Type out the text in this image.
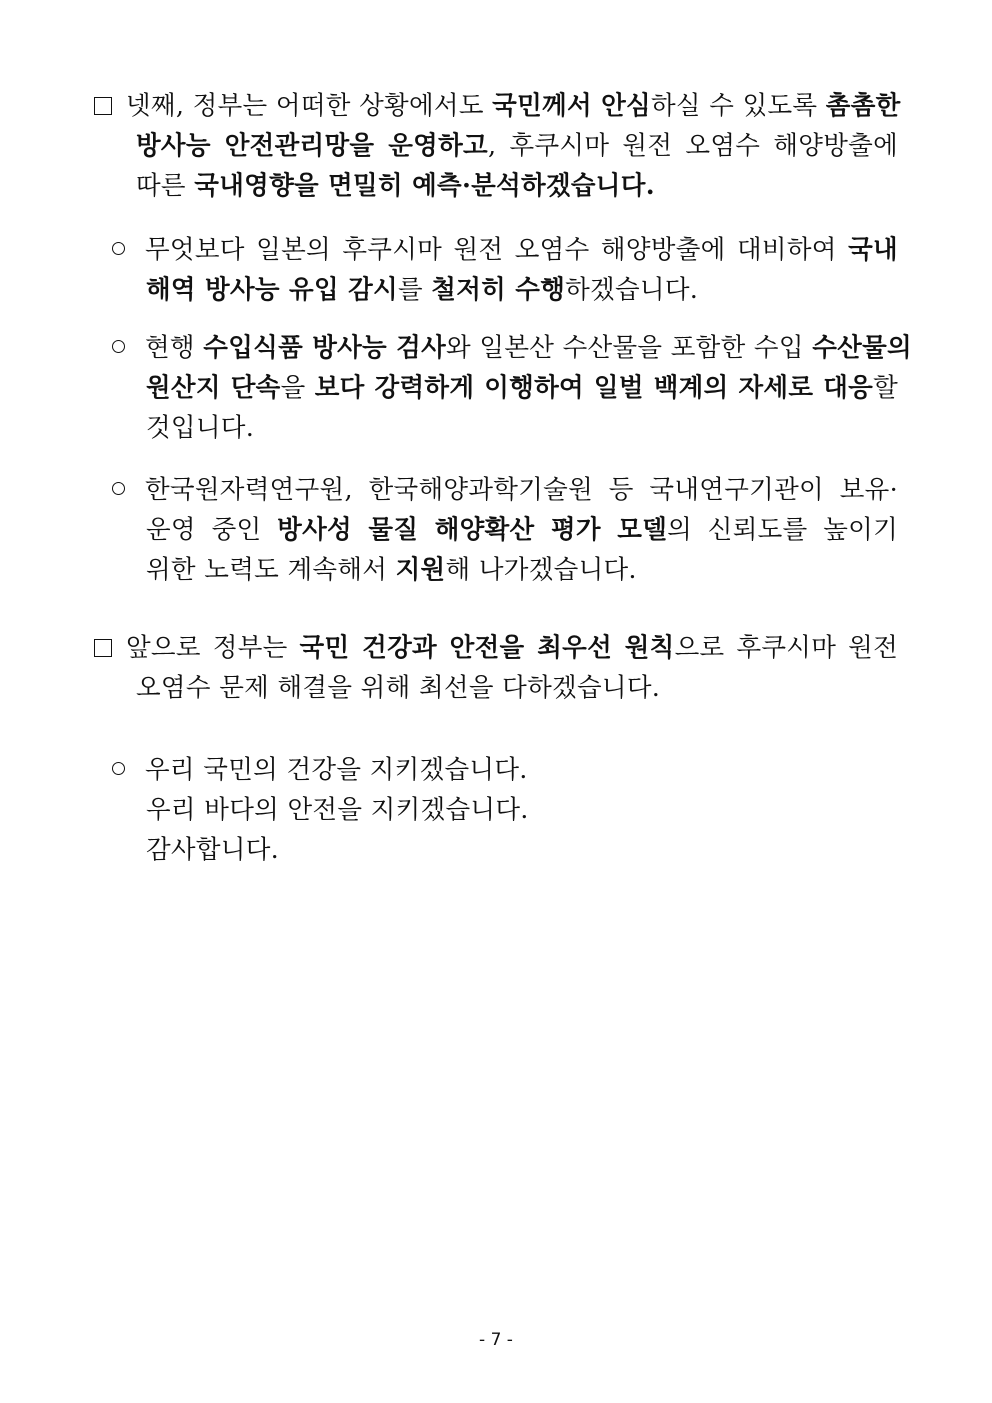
넷째, 정부는 어떠한 상황에서도 국민께서 안심하실 수 있도록 촘촘한
방사능 안전관리망을 운영하고, 후쿠시마 원전 오염수 해양방출에
따른 국내영향을 면밀히 예측·분석하겠습니다.
무엇보다 일본의 후쿠시마 원전 오염수 해양방출에 대비하여 국내
해역 방사능 유입 감시를 철저히 수행하겠습니다.
현행 수입식품 방사능 검사와 일본산 수산물을 포함한 수입 수산물의
원산지 단속을 보다 강력하게 이행하여 일벌 백계의 자세로 대응할
것입니다.
한국원자력연구원, 한국해양과학기술원 등 국내연구기관이 보유·
운영 중인 방사성 물질 해양확산 평가 모델의 신뢰도를 높이기
위한 노력도 계속해서 지원해 나가겠습니다.
앞으로 정부는 국민 건강과 안전을 최우선 원칙으로 후쿠시마 원전
오염수 문제 해결을 위해 최선을 다하겠습니다.
우리 국민의 건강을 지키겠습니다.
우리 바다의 안전을 지키겠습니다.
감사합니다.
- 7 -
